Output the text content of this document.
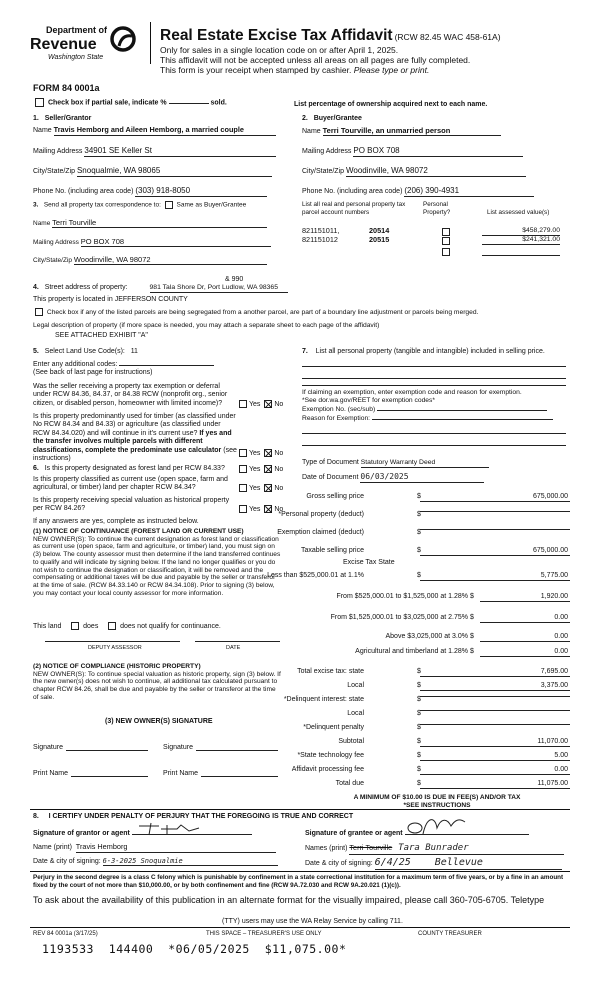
Department of
Revenue
Washington State
Real Estate Excise Tax Affidavit (RCW 82.45 WAC 458-61A)
Only for sales in a single location code on or after April 1, 2025.
This affidavit will not be accepted unless all areas on all pages are fully completed.
This form is your receipt when stamped by cashier. Please type or print.
FORM 84 0001a
Check box if partial sale, indicate %	sold.	List percentage of ownership acquired next to each name.
1. Seller/Grantor
Name Travis Hemborg and Aileen Hemborg, a married couple
Mailing Address 34901 SE Keller St
City/State/Zip Snoqualmie, WA 98065
Phone No. (including area code) (303) 918-8050
2. Buyer/Grantee
Name Terri Tourville, an unmarried person
Mailing Address PO BOX 708
City/State/Zip Woodinville, WA 98072
Phone No. (including area code) (206) 390-4931
3. Send all property tax correspondence to: Same as Buyer/Grantee
Name Terri Tourville
Mailing Address PO BOX 708
City/State/Zip Woodinville, WA 98072
List all real and personal property tax
parcel account numbers
Personal
Property?	List assessed value(s)
821151011,	20514	$458,279.00
821151012	20515	$241,321.00
& 990
4. Street address of property:	981 Tala Shore Dr, Port Ludlow, WA 98365
This property is located in JEFFERSON COUNTY
Check box if any of the listed parcels are being segregated from a another parcel, are part of a boundary line adjustment or parcels being merged.
Legal description of property (if more space is needed, you may attach a separate sheet to each page of the affidavit)
SEE ATTACHED EXHIBIT "A"
5. Select Land Use Code(s): 11
Enter any additional codes:
(See back of last page for instructions)
7. List all personal property (tangible and intangible) included in selling price.
Was the seller receiving a property tax exemption or deferral under RCW 84.36, 84.37, or 84.38 RCW (nonprofit org., senior citizen, or disabled person, homeowner with limited income)?	Yes No
Is this property predominantly used for timber (as classified under No RCW 84.34 and 84.33) or agriculture (as classified under RCW 84.34.020) and will continue in it's current use? If yes and the transfer involves multiple parcels with different classifications, complete the predominate use calculator (see instructions)
Yes No
6. Is this property designated as forest land per RCW 84.33?	Yes No
Is this property classified as current use (open space, farm and agricultural, or timber) land per chapter RCW 84.34?	Yes No
Is this property receiving special valuation as historical property per RCW 84.26?	Yes No
If any answers are yes, complete as instructed below.
(1) NOTICE OF CONTINUANCE (FOREST LAND OR CURRENT USE)
NEW OWNER(S): To continue the current designation as forest land or classification as current use (open space, farm and agriculture, or timber) land, you must sign on (3) below. The county assessor must then determine if the land transferred continues to qualify and will indicate by signing below. If the land no longer qualifies or you do not wish to continue the designation or classification, it will be removed and the compensating or additional taxes will be due and payable by the seller or transferor at the time of sale. (RCW 84.33.140 or RCW 84.34.108). Prior to signing (3) below, you may contact your local county assessor for more information.
This land	does	does not qualify for continuance.
DEPUTY ASSESSOR	DATE
(2) NOTICE OF COMPLIANCE (HISTORIC PROPERTY)
NEW OWNER(S): To continue special valuation as historic property, sign (3) below. If the new owner(s) does not wish to continue, all additional tax calculated pursuant to chapter RCW 84.26, shall be due and payable by the seller or transferor at the time of sale.
(3) NEW OWNER(S) SIGNATURE
Signature	Signature
Print Name	Print Name
If claiming an exemption, enter exemption code and reason for exemption.
*See dor.wa.gov/REET for exemption codes*
Exemption No. (sec/sub)
Reason for Exemption:
Type of Document Statutory Warranty Deed
Date of Document 06/03/2025
Gross selling price	$	675,000.00
*Personal property (deduct)	$
Exemption claimed (deduct)	$
Taxable selling price	$	675,000.00
Excise Tax State
Less than $525,000.01 at 1.1%	$	5,775.00
From $525,000.01 to $1,525,000 at 1.28% $	1,920.00
From $1,525,000.01 to $3,025,000 at 2.75% $	0.00
Above $3,025,000 at 3.0% $	0.00
Agricultural and timberland at 1.28% $	0.00
Total excise tax: state	$	7,695.00
Local	$	3,375.00
*Delinquent interest: state	$
Local	$
*Delinquent penalty	$
Subtotal	$	11,070.00
*State technology fee	$	5.00
Affidavit processing fee	$	0.00
Total due	$	11,075.00
A MINIMUM OF $10.00 IS DUE IN FEE(S) AND/OR TAX
*SEE INSTRUCTIONS
8. I CERTIFY UNDER PENALTY OF PERJURY THAT THE FOREGOING IS TRUE AND CORRECT
Signature of grantor or agent	Signature of grantee or agent
Name (print) Travis Hemborg	Names (print) Terri Tourville Tara Bunrader
Date & city of signing: 6-3-2025 Snoqualmie	Date & city of signing: 6/4/25 Bellevue
Perjury in the second degree is a class C felony which is punishable by confinement in a state correctional institution for a maximum term of five years, or by a fine in an amount fixed by the court of not more than $10,000.00, or by both confinement and fine (RCW 9A.72.030 and RCW 9A.20.021 (1)(c)).
To ask about the availability of this publication in an alternate format for the visually impaired, please call 360-705-6705. Teletype
(TTY) users may use the WA Relay Service by calling 711.
REV 84 0001a (3/17/25)	THIS SPACE – TREASURER'S USE ONLY	COUNTY TREASURER
1193533  144400  *06/05/2025  $11,075.00*
